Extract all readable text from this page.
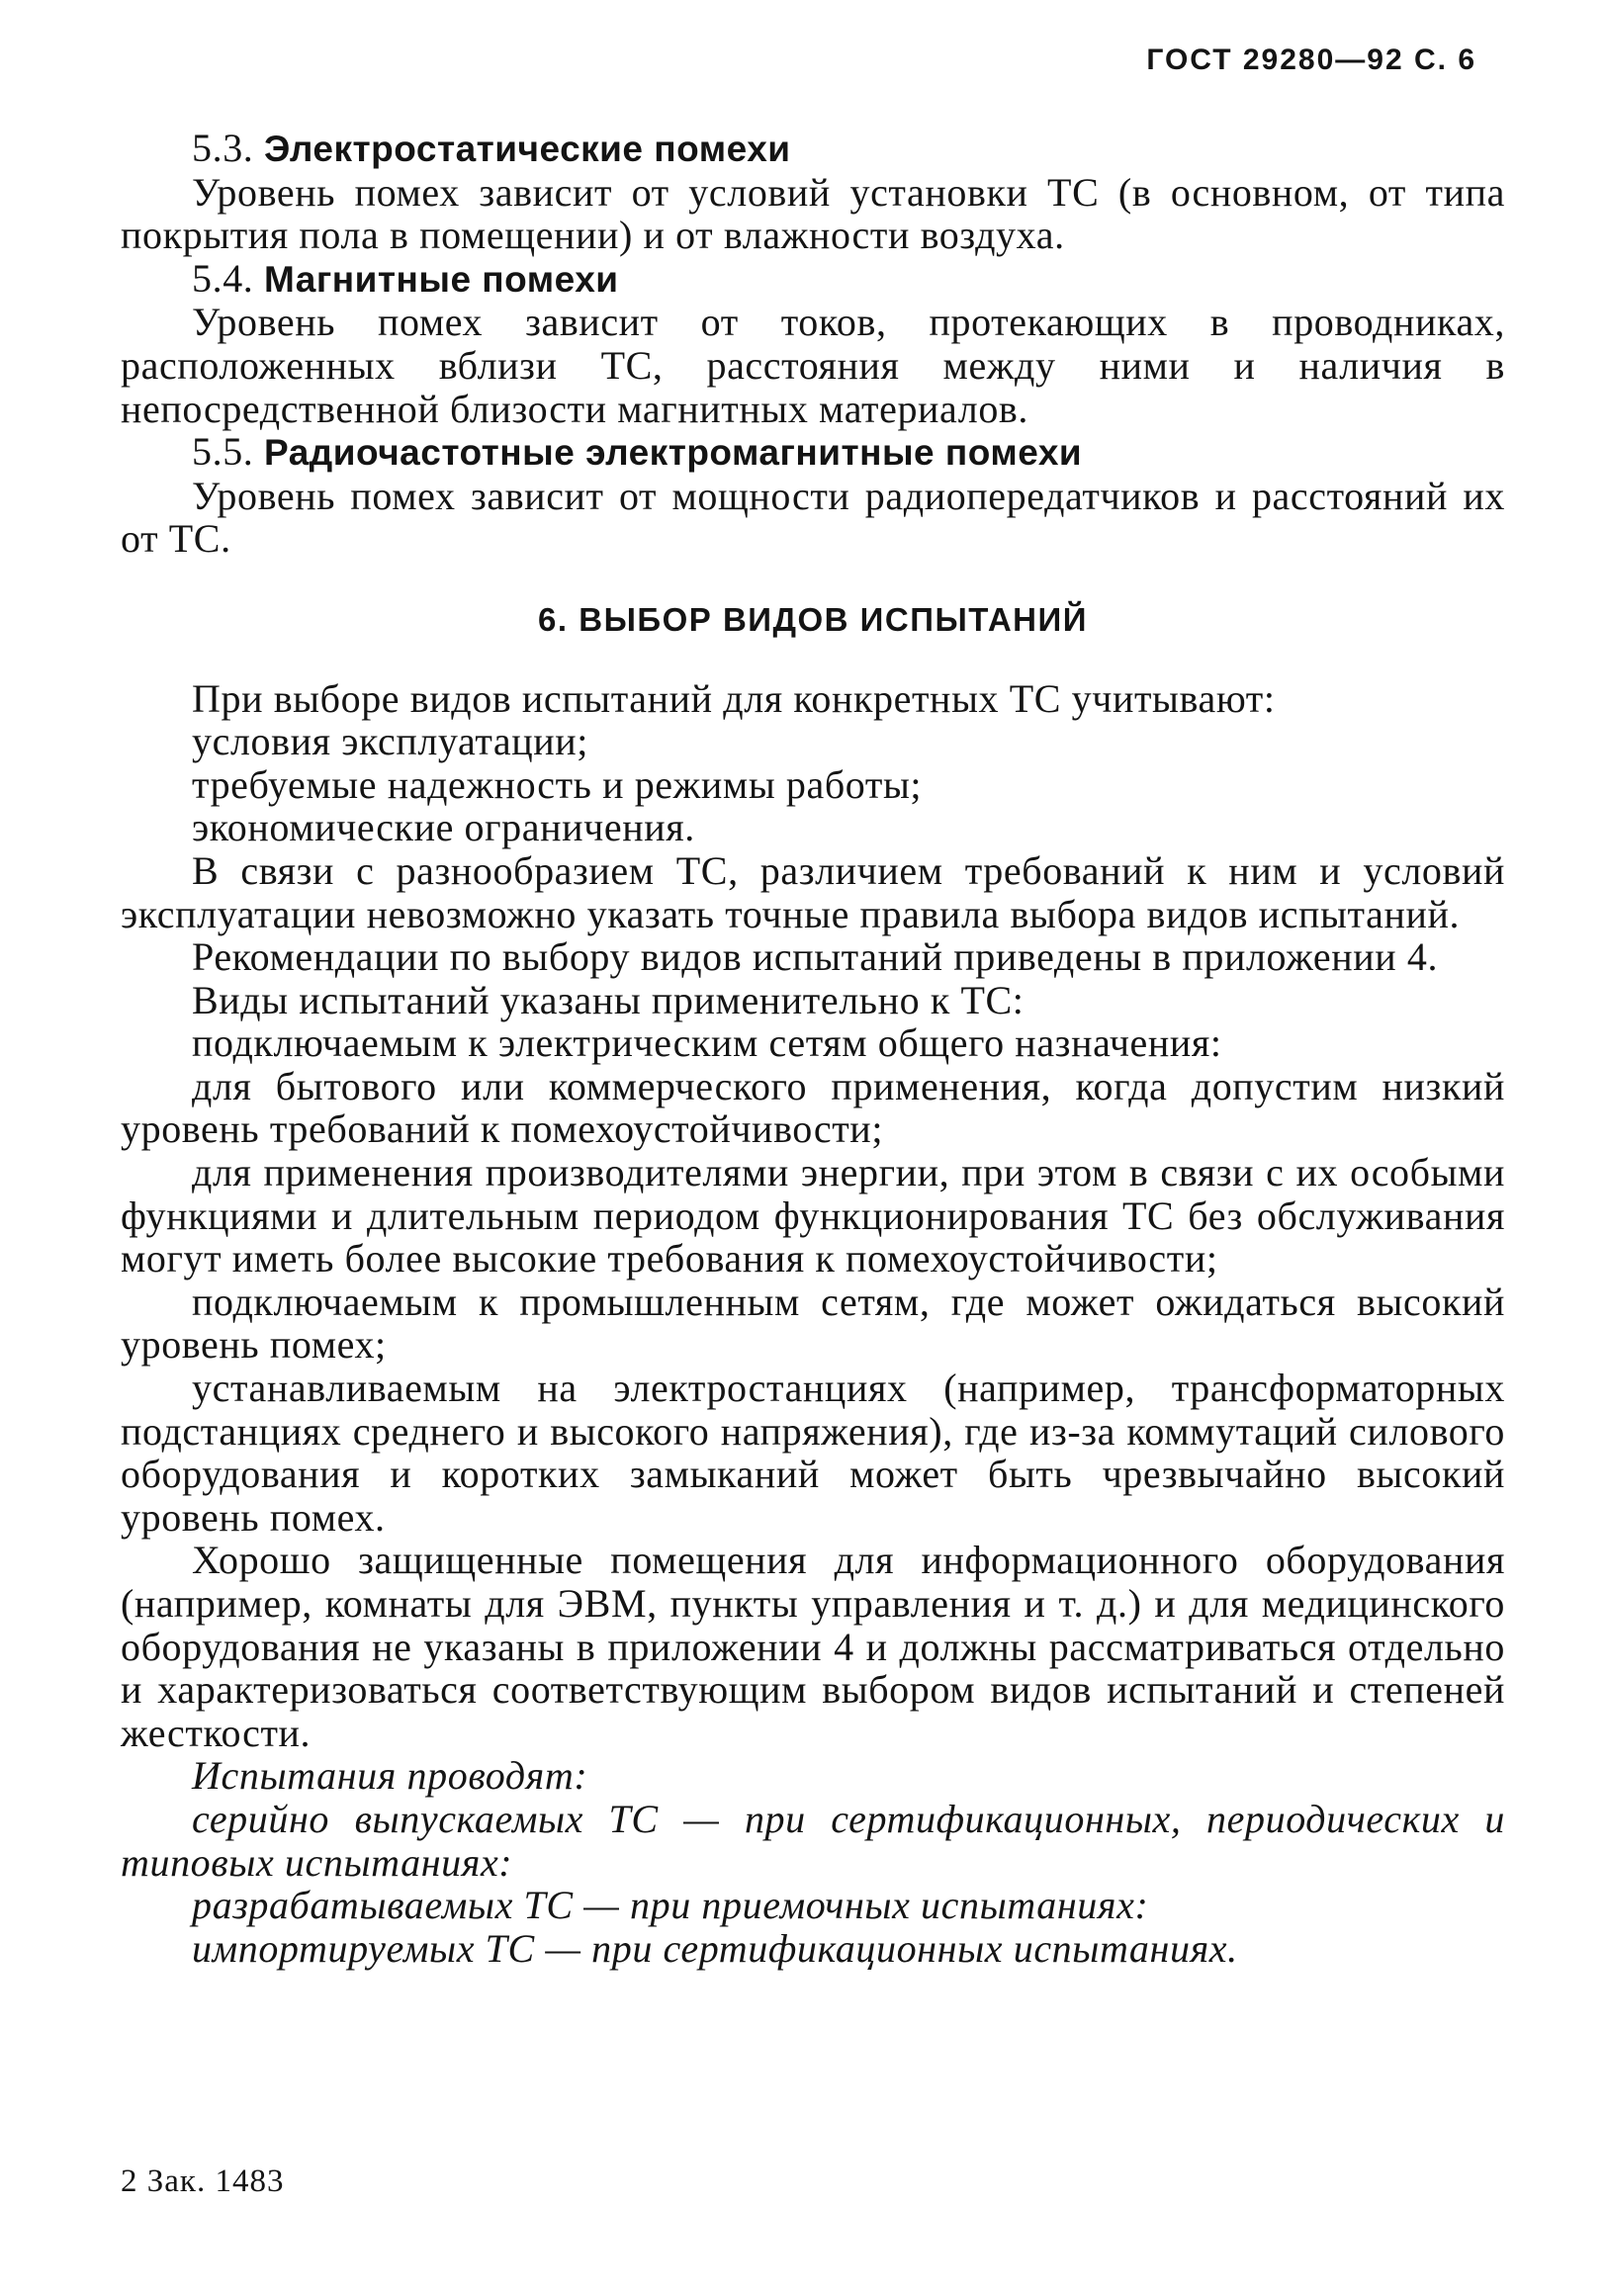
ГОСТ 29280—92 С. 6

5.3. Электростатические помехи

Уровень помех зависит от условий установки ТС (в основном, от типа покрытия пола в помещении) и от влажности воздуха.

5.4. Магнитные помехи

Уровень помех зависит от токов, протекающих в проводниках, расположенных вблизи ТС, расстояния между ними и наличия в непосредственной близости магнитных материалов.

5.5. Радиочастотные электромагнитные помехи

Уровень помех зависит от мощности радиопередатчиков и расстояний их от ТС.

6. ВЫБОР ВИДОВ ИСПЫТАНИЙ

При выборе видов испытаний для конкретных ТС учитывают:

условия эксплуатации;

требуемые надежность и режимы работы;

экономические ограничения.

В связи с разнообразием ТС, различием требований к ним и условий эксплуатации невозможно указать точные правила выбора видов испытаний.

Рекомендации по выбору видов испытаний приведены в приложении 4.

Виды испытаний указаны применительно к ТС:

подключаемым к электрическим сетям общего назначения:

для бытового или коммерческого применения, когда допустим низкий уровень требований к помехоустойчивости;

для применения производителями энергии, при этом в связи с их особыми функциями и длительным периодом функционирования ТС без обслуживания могут иметь более высокие требования к помехоустойчивости;

подключаемым к промышленным сетям, где может ожидаться высокий уровень помех;

устанавливаемым на электростанциях (например, трансформаторных подстанциях среднего и высокого напряжения), где из-за коммутаций силового оборудования и коротких замыканий может быть чрезвычайно высокий уровень помех.

Хорошо защищенные помещения для информационного оборудования (например, комнаты для ЭВМ, пункты управления и т. д.) и для медицинского оборудования не указаны в приложении 4 и должны рассматриваться отдельно и характеризоваться соответствующим выбором видов испытаний и степеней жесткости.

Испытания проводят:

серийно выпускаемых ТС — при сертификационных, периодических и типовых испытаниях:

разрабатываемых ТС — при приемочных испытаниях:

импортируемых ТС — при сертификационных испытаниях.

2 Зак. 1483
